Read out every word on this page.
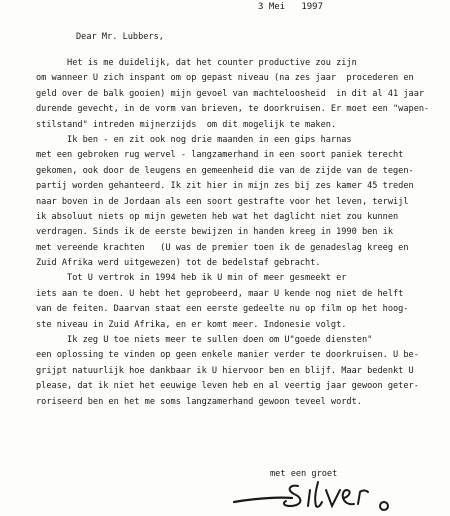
3 Mei   1997
Dear Mr. Lubbers,
Het is me duidelijk, dat het counter productive zou zijn
om wanneer U zich inspant om op gepast niveau (na zes jaar  procederen en
geld over de balk gooien) mijn gevoel van machteloosheid  in dit al 41 jaar
durende gevecht, in de vorm van brieven, te doorkruisen. Er moet een "wapen-
stilstand" intreden mijnerzijds  om dit mogelijk te maken.
Ik ben - en zit ook nog drie maanden in een gips harnas
met een gebroken rug wervel - langzamerhand in een soort paniek terecht
gekomen, ook door de leugens en gemeenheid die van de zijde van de tegen-
partij worden gehanteerd. Ik zit hier in mijn zes bij zes kamer 45 treden
naar boven in de Jordaan als een soort gestrafte voor het leven, terwijl
ik absoluut niets op mijn geweten heb wat het daglicht niet zou kunnen
verdragen. Sinds ik de eerste bewijzen in handen kreeg in 1990 ben ik
met vereende krachten   (U was de premier toen ik de genadeslag kreeg en
Zuid Afrika werd uitgewezen) tot de bedelstaf gebracht.
Tot U vertrok in 1994 heb ik U min of meer gesmeekt er
iets aan te doen. U hebt het geprobeerd, maar U kende nog niet de helft
van de feiten. Daarvan staat een eerste gedeelte nu op film op het hoog-
ste niveau in Zuid Afrika, en er komt meer. Indonesie volgt.
Ik zeg U toe niets meer te sullen doen om U"goede diensten"
een oplossing te vinden op geen enkele manier verder te doorkruisen. U be-
grijpt natuurlijk hoe dankbaar ik U hiervoor ben en blijf. Maar bedenkt U
please, dat ik niet het eeuwige leven heb en al veertig jaar gewoon geter-
roriseerd ben en het me soms langzamerhand gewoon teveel wordt.
met een groet
